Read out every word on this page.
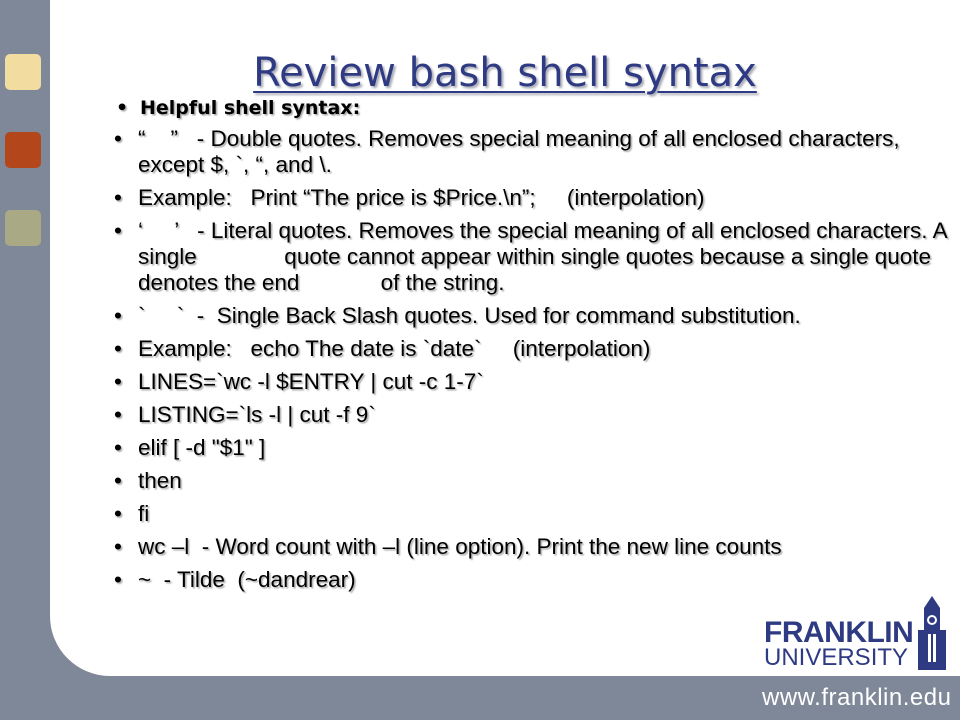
Review bash shell syntax
• Helpful shell syntax:
• “    ”   - Double quotes. Removes special meaning of all enclosed characters, except $, `, “, and \.
• Example:   Print “The price is $Price.\n”;     (interpolation)
• ‘     ’   - Literal quotes. Removes the special meaning of all enclosed characters. A single              quote cannot appear within single quotes because a single quote denotes the end             of the string.
• `     `  -  Single Back Slash quotes. Used for command substitution.
• Example:   echo The date is `date`     (interpolation)
• LINES=`wc -l $ENTRY | cut -c 1-7`
• LISTING=`ls -l | cut -f 9`
• elif [ -d "$1" ]
• then
• fi
• wc –l  - Word count with –l (line option). Print the new line counts
• ~  - Tilde  (~dandrear)
FRANKLIN
UNIVERSITY
www.franklin.edu
